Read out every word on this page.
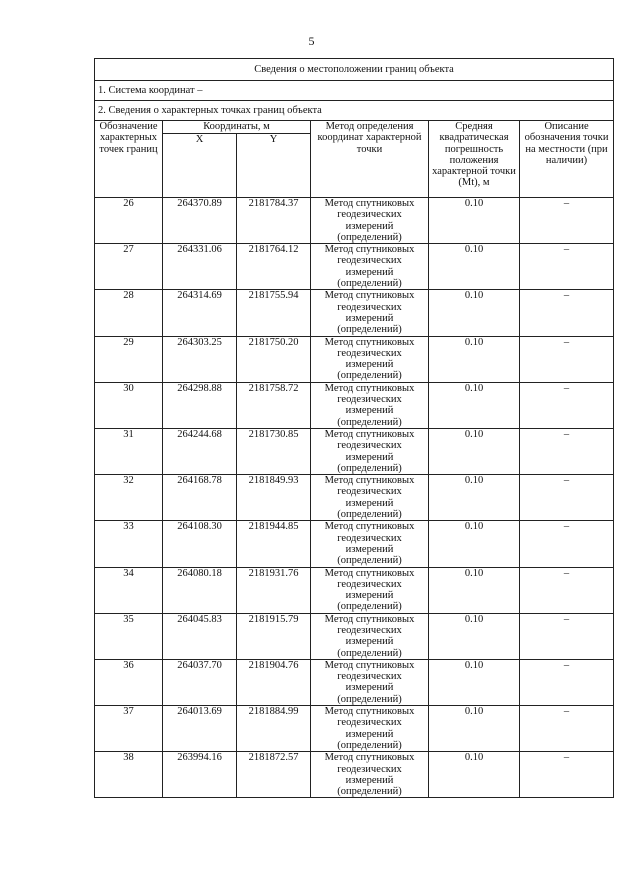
5
Сведения о местоположении границ объекта					
1. Система координат –					
2. Сведения о характерных точках границ объекта					
Обозначение характерных точек границ	Координаты, м		Метод определения координат характерной точки	Средняя квадратическая погрешность положения характерной точки (Mt), м	Описание обозначения точки на местности (при наличии)
	X	Y			
26	264370.89	2181784.37	Метод спутниковых геодезических измерений (определений)	0.10	–
27	264331.06	2181764.12	Метод спутниковых геодезических измерений (определений)	0.10	–
28	264314.69	2181755.94	Метод спутниковых геодезических измерений (определений)	0.10	–
29	264303.25	2181750.20	Метод спутниковых геодезических измерений (определений)	0.10	–
30	264298.88	2181758.72	Метод спутниковых геодезических измерений (определений)	0.10	–
31	264244.68	2181730.85	Метод спутниковых геодезических измерений (определений)	0.10	–
32	264168.78	2181849.93	Метод спутниковых геодезических измерений (определений)	0.10	–
33	264108.30	2181944.85	Метод спутниковых геодезических измерений (определений)	0.10	–
34	264080.18	2181931.76	Метод спутниковых геодезических измерений (определений)	0.10	–
35	264045.83	2181915.79	Метод спутниковых геодезических измерений (определений)	0.10	–
36	264037.70	2181904.76	Метод спутниковых геодезических измерений (определений)	0.10	–
37	264013.69	2181884.99	Метод спутниковых геодезических измерений (определений)	0.10	–
38	263994.16	2181872.57	Метод спутниковых геодезических измерений (определений)	0.10	–
